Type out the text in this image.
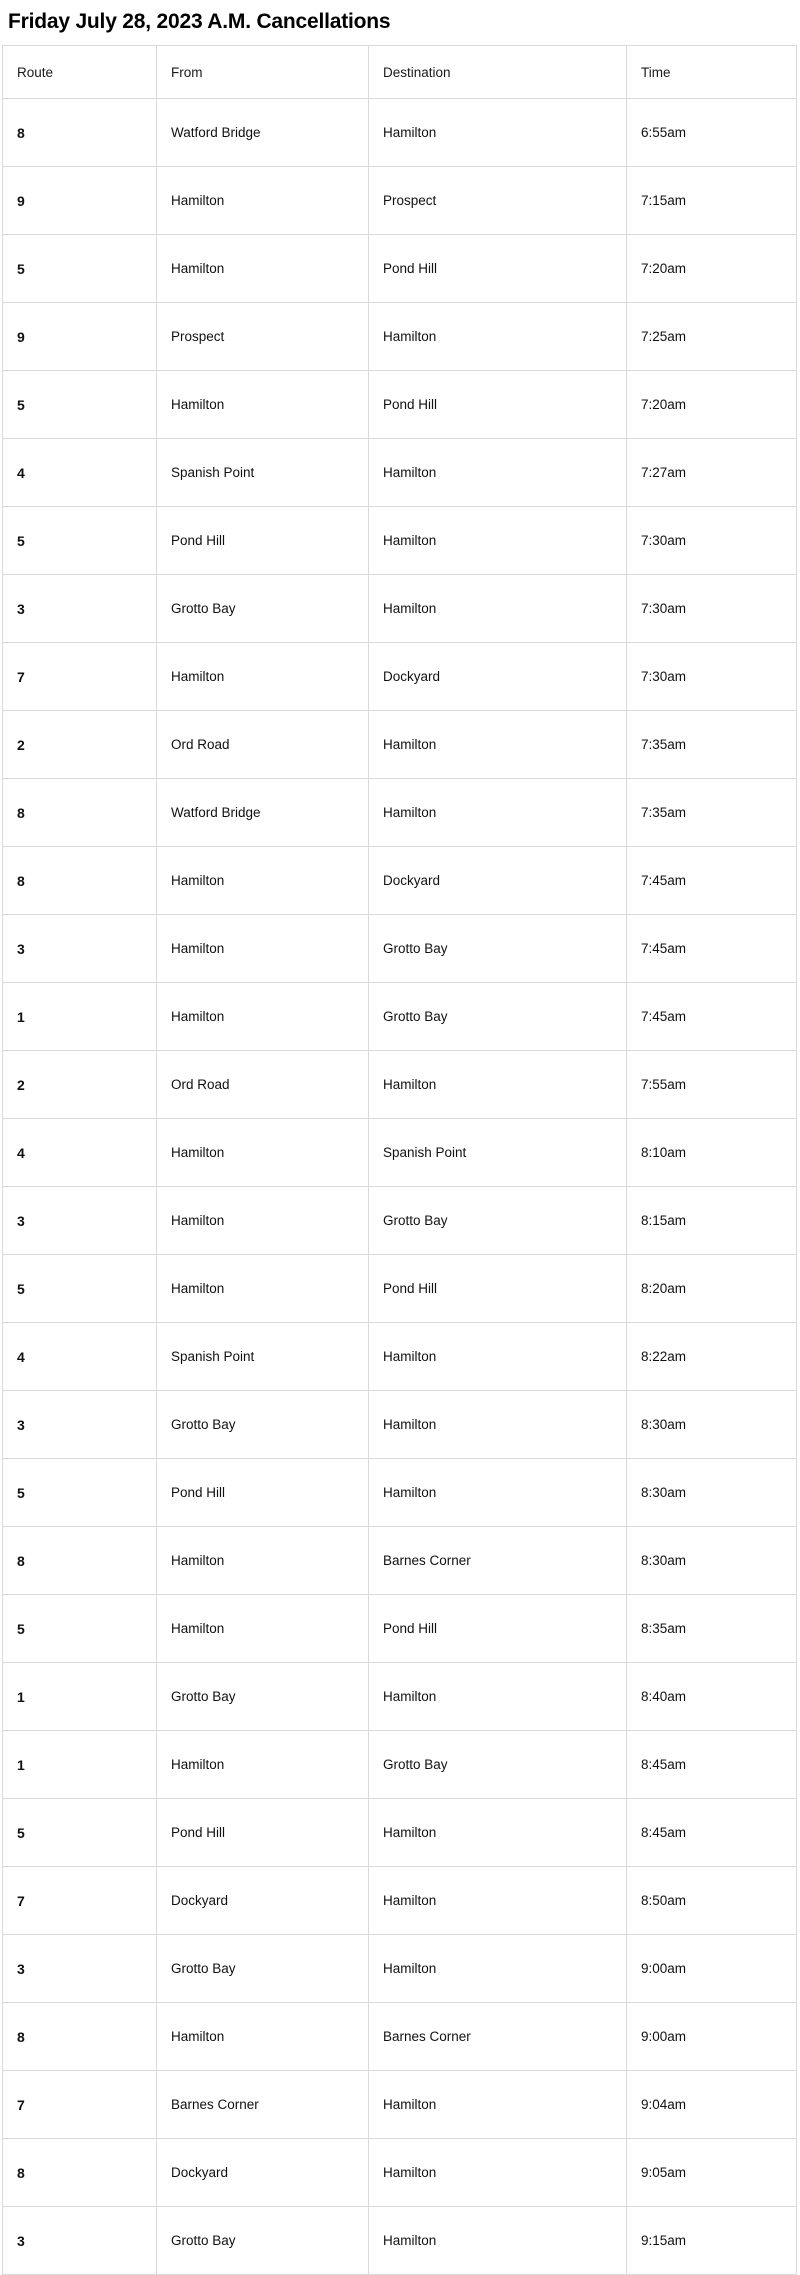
Friday July 28, 2023 A.M. Cancellations
Route	From	Destination	Time
8	Watford Bridge	Hamilton	6:55am
9	Hamilton	Prospect	7:15am
5	Hamilton	Pond Hill	7:20am
9	Prospect	Hamilton	7:25am
5	Hamilton	Pond Hill	7:20am
4	Spanish Point	Hamilton	7:27am
5	Pond Hill	Hamilton	7:30am
3	Grotto Bay	Hamilton	7:30am
7	Hamilton	Dockyard	7:30am
2	Ord Road	Hamilton	7:35am
8	Watford Bridge	Hamilton	7:35am
8	Hamilton	Dockyard	7:45am
3	Hamilton	Grotto Bay	7:45am
1	Hamilton	Grotto Bay	7:45am
2	Ord Road	Hamilton	7:55am
4	Hamilton	Spanish Point	8:10am
3	Hamilton	Grotto Bay	8:15am
5	Hamilton	Pond Hill	8:20am
4	Spanish Point	Hamilton	8:22am
3	Grotto Bay	Hamilton	8:30am
5	Pond Hill	Hamilton	8:30am
8	Hamilton	Barnes Corner	8:30am
5	Hamilton	Pond Hill	8:35am
1	Grotto Bay	Hamilton	8:40am
1	Hamilton	Grotto Bay	8:45am
5	Pond Hill	Hamilton	8:45am
7	Dockyard	Hamilton	8:50am
3	Grotto Bay	Hamilton	9:00am
8	Hamilton	Barnes Corner	9:00am
7	Barnes Corner	Hamilton	9:04am
8	Dockyard	Hamilton	9:05am
3	Grotto Bay	Hamilton	9:15am
